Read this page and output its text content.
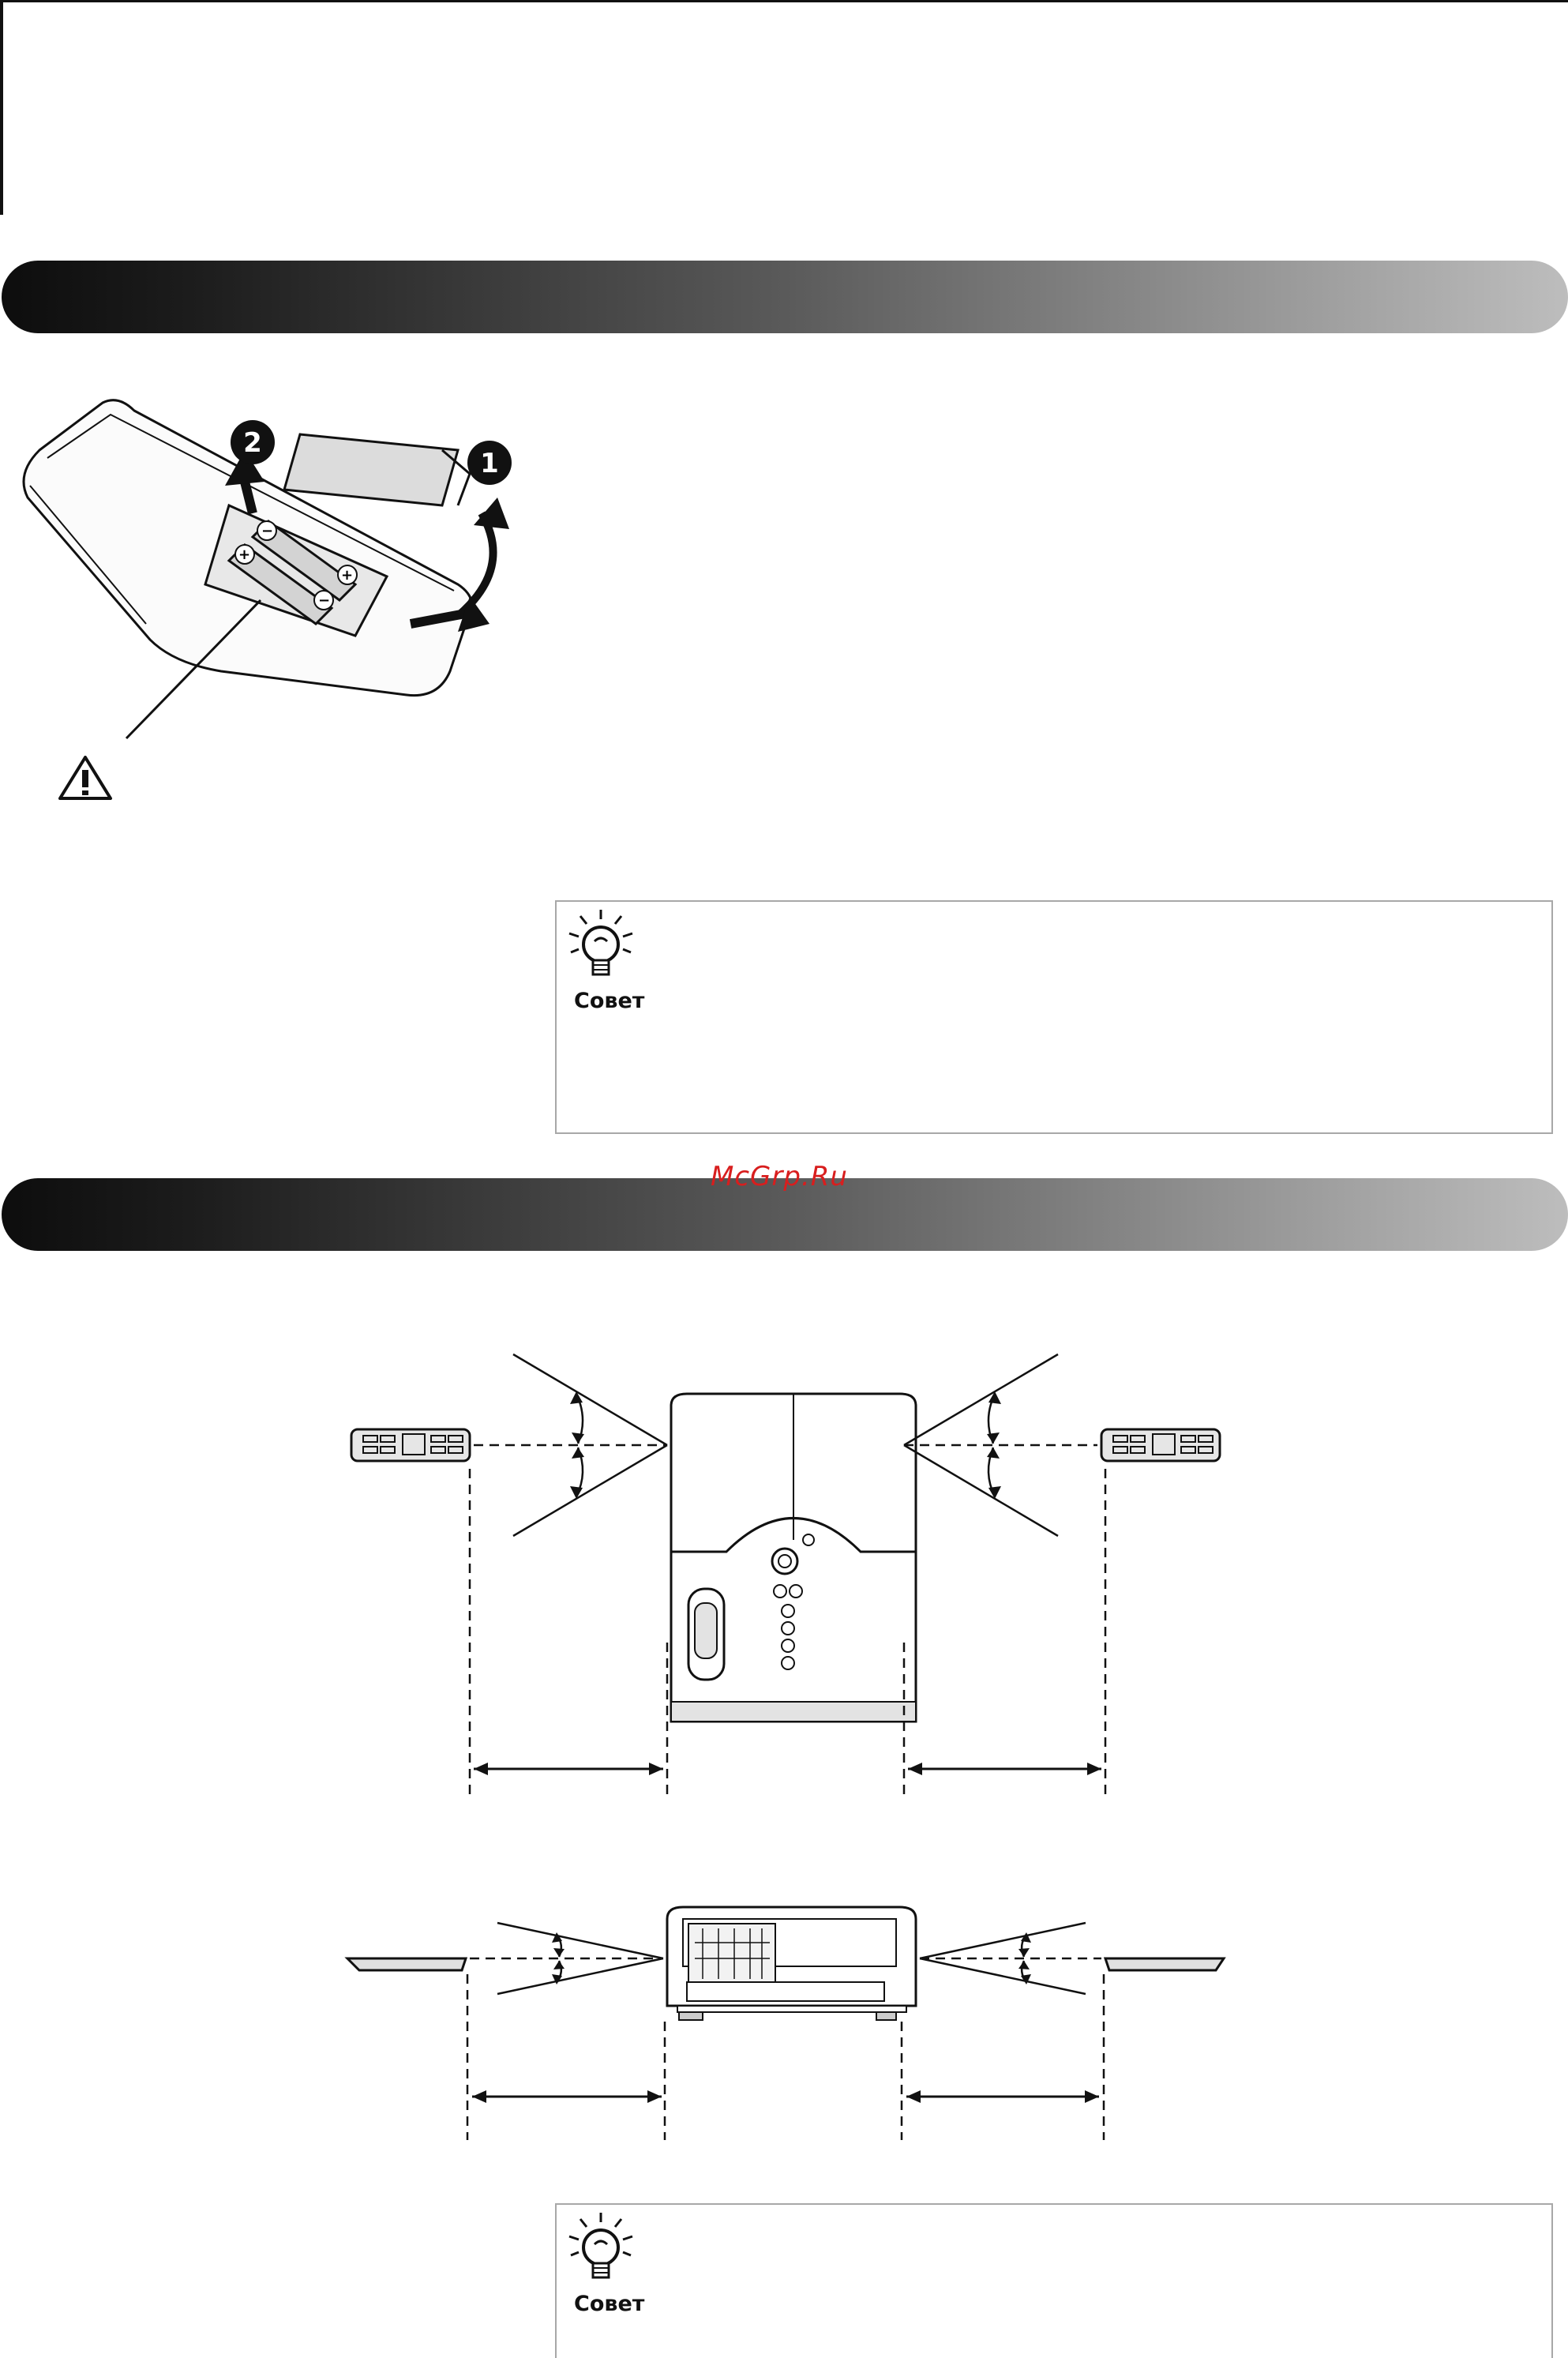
−
+
+
−
2
1
Совет
McGrp.Ru
Совет
